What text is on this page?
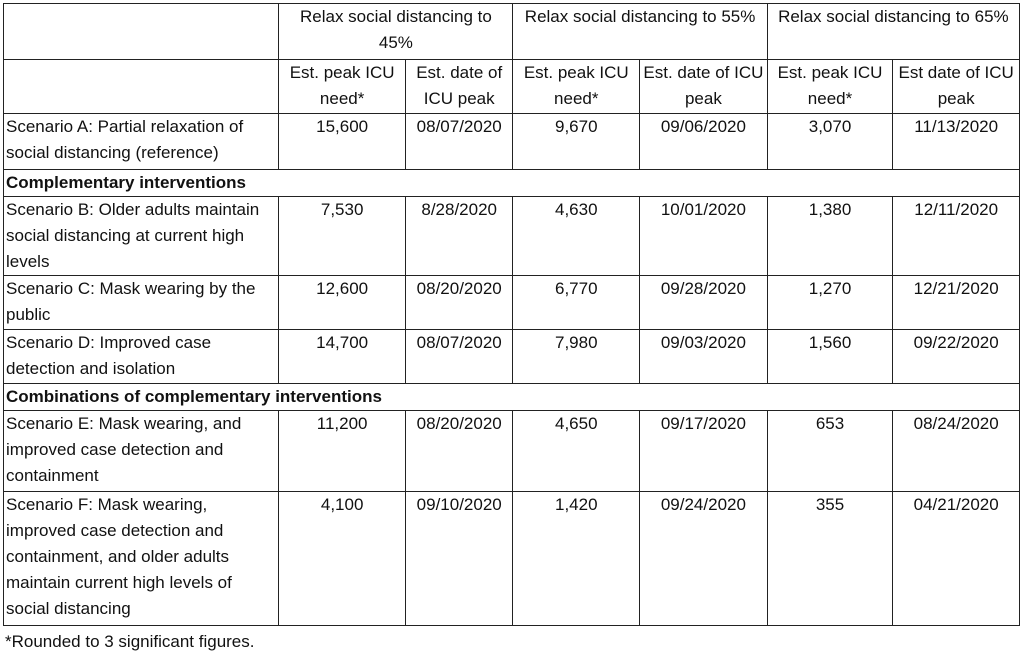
	Relax social distancing to 45%		Relax social distancing to 55%		Relax social distancing to 65%	
	Est. peak ICU need*	Est. date of ICU peak	Est. peak ICU need*	Est. date of ICU peak	Est. peak ICU need*	Est date of ICU peak
Scenario A: Partial relaxation of social distancing (reference)	15,600	08/07/2020	9,670	09/06/2020	3,070	11/13/2020
Complementary interventions						
Scenario B: Older adults maintain social distancing at current high levels	7,530	8/28/2020	4,630	10/01/2020	1,380	12/11/2020
Scenario C: Mask wearing by the public	12,600	08/20/2020	6,770	09/28/2020	1,270	12/21/2020
Scenario D: Improved case detection and isolation	14,700	08/07/2020	7,980	09/03/2020	1,560	09/22/2020
Combinations of complementary interventions						
Scenario E: Mask wearing, and improved case detection and containment	11,200	08/20/2020	4,650	09/17/2020	653	08/24/2020
Scenario F: Mask wearing, improved case detection and containment, and older adults maintain current high levels of social distancing	4,100	09/10/2020	1,420	09/24/2020	355	04/21/2020
*Rounded to 3 significant figures.
